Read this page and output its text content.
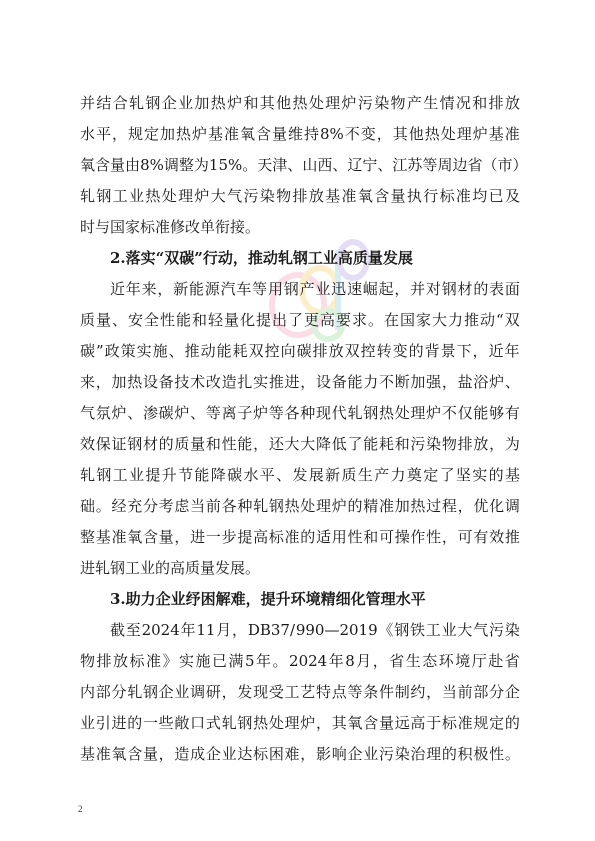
并 结 合 轧 钢 企 业 加 热 炉 和 其 他 热 处 理 炉 污 染 物 产 生 情 况 和 排 放
水 平 ， 规 定 加 热 炉 基 准 氧 含 量 维 持 8% 不 变 ， 其 他 热 处 理 炉 基 准
氧 含 量 由 8% 调 整 为 15% 。 天 津 、 山 西 、 辽 宁 、 江 苏 等 周 边 省 （ 市 ）
轧 钢 工 业 热 处 理 炉 大 气 污 染 物 排 放 基 准 氧 含 量 执 行 标 准 均 已 及
时与国家标准修改单衔接。
2.落实“双碳”行动，推动轧钢工业高质量发展
近 年 来 ， 新 能 源 汽 车 等 用 钢 产 业 迅 速 崛 起 ， 并 对 钢 材 的 表 面
质 量 、 安 全 性 能 和 轻 量 化 提 出 了 更 高 要 求 。 在 国 家 大 力 推 动 “ 双
碳 ” 政 策 实 施 、 推 动 能 耗 双 控 向 碳 排 放 双 控 转 变 的 背 景 下 ， 近 年
来 ， 加 热 设 备 技 术 改 造 扎 实 推 进 ， 设 备 能 力 不 断 加 强 ， 盐 浴 炉 、
气 氛 炉 、 渗 碳 炉 、 等 离 子 炉 等 各 种 现 代 轧 钢 热 处 理 炉 不 仅 能 够 有
效 保 证 钢 材 的 质 量 和 性 能 ， 还 大 大 降 低 了 能 耗 和 污 染 物 排 放 ， 为
轧 钢 工 业 提 升 节 能 降 碳 水 平 、 发 展 新 质 生 产 力 奠 定 了 坚 实 的 基
础 。 经 充 分 考 虑 当 前 各 种 轧 钢 热 处 理 炉 的 精 准 加 热 过 程 ， 优 化 调
整 基 准 氧 含 量 ， 进 一 步 提 高 标 准 的 适 用 性 和 可 操 作 性 ， 可 有 效 推
进轧钢工业的高质量发展。
3.助力企业纾困解难，提升环境精细化管理水平
截 至 2024 年 11 月 ， DB37/ 990—2019 《 钢 铁 工 业 大 气 污 染
物 排 放 标 准 》 实 施 已 满 5 年 。 2024 年 8 月 ， 省 生 态 环 境 厅 赴 省
内 部 分 轧 钢 企 业 调 研 ， 发 现 受 工 艺 特 点 等 条 件 制 约 ， 当 前 部 分 企
业 引 进 的 一 些 敞 口 式 轧 钢 热 处 理 炉 ， 其 氧 含 量 远 高 于 标 准 规 定 的
基 准 氧 含 量 ， 造 成 企 业 达 标 困 难 ， 影 响 企 业 污 染 治 理 的 积 极 性 。
2
